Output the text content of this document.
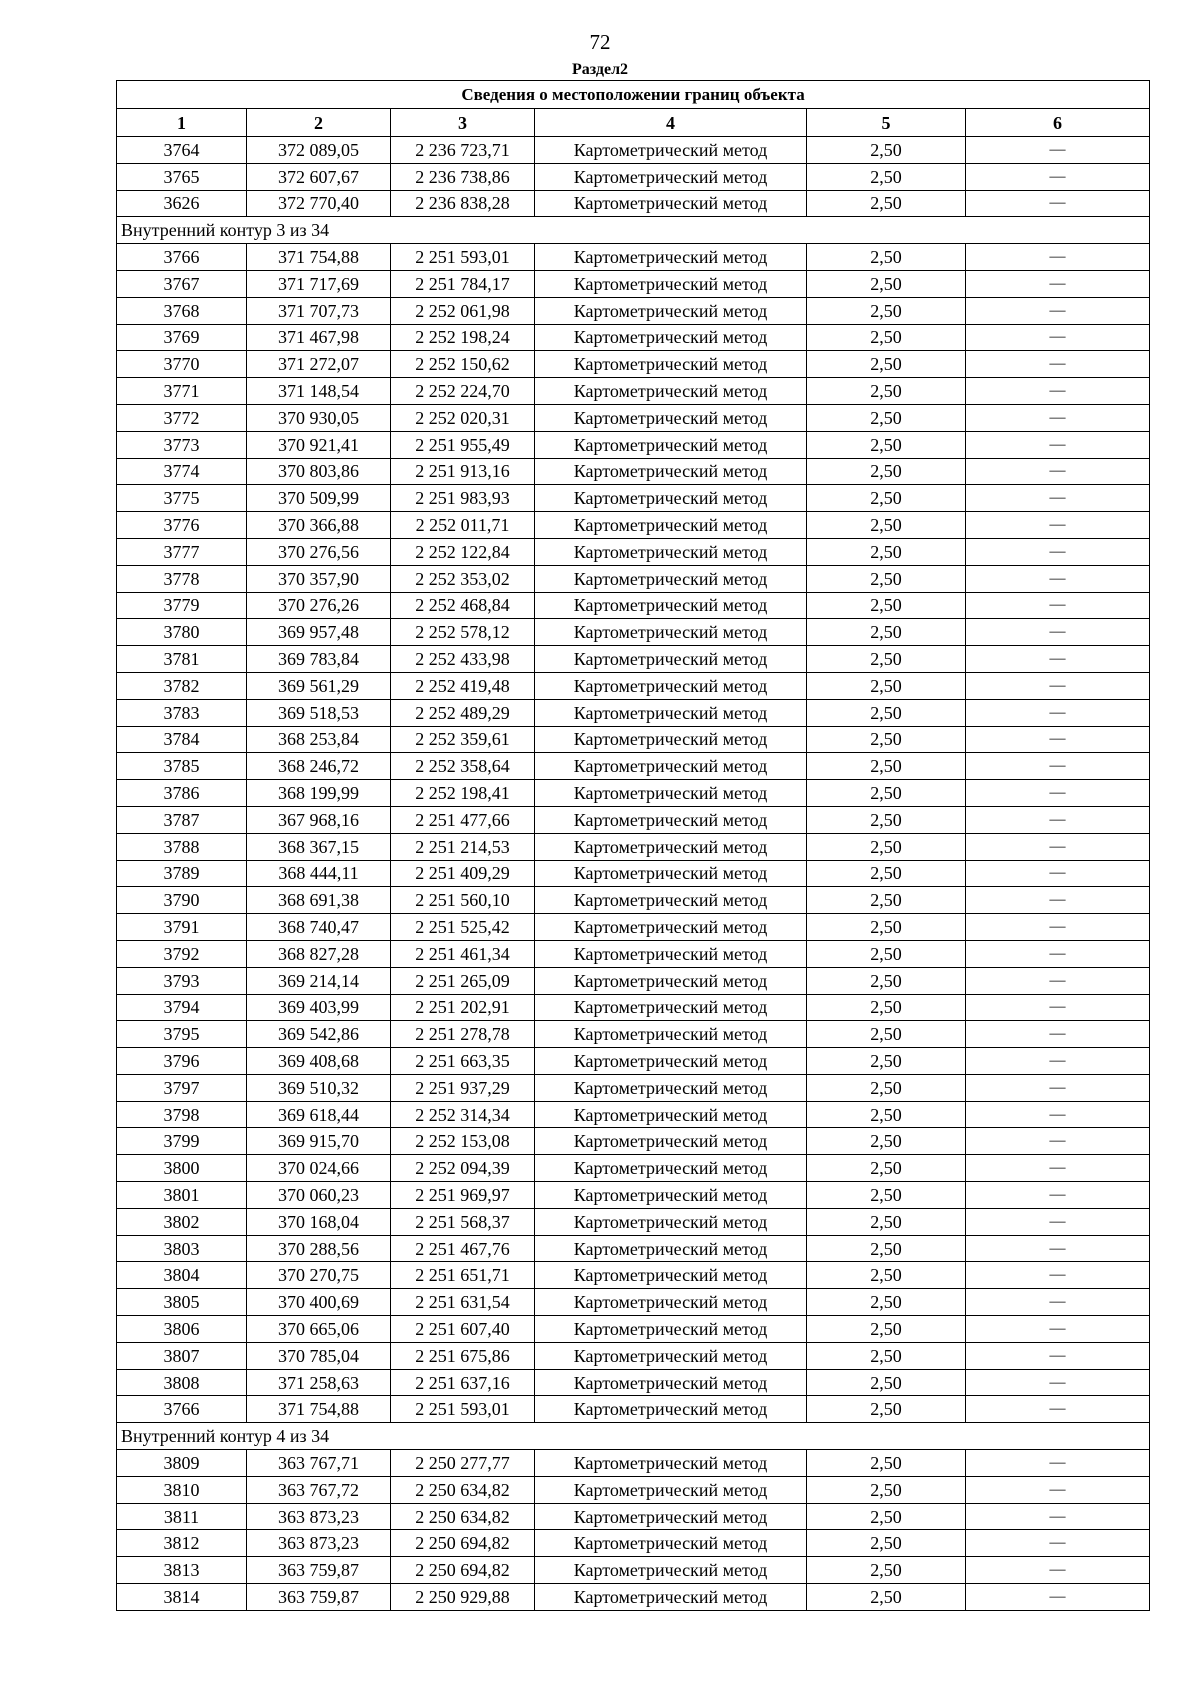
72
Раздел2
Сведения о местоположении границ объекта					
1	2	3	4	5	6
3764	372 089,05	2 236 723,71	Картометрический метод	2,50	—
3765	372 607,67	2 236 738,86	Картометрический метод	2,50	—
3626	372 770,40	2 236 838,28	Картометрический метод	2,50	—
Внутренний контур 3 из 34					
3766	371 754,88	2 251 593,01	Картометрический метод	2,50	—
3767	371 717,69	2 251 784,17	Картометрический метод	2,50	—
3768	371 707,73	2 252 061,98	Картометрический метод	2,50	—
3769	371 467,98	2 252 198,24	Картометрический метод	2,50	—
3770	371 272,07	2 252 150,62	Картометрический метод	2,50	—
3771	371 148,54	2 252 224,70	Картометрический метод	2,50	—
3772	370 930,05	2 252 020,31	Картометрический метод	2,50	—
3773	370 921,41	2 251 955,49	Картометрический метод	2,50	—
3774	370 803,86	2 251 913,16	Картометрический метод	2,50	—
3775	370 509,99	2 251 983,93	Картометрический метод	2,50	—
3776	370 366,88	2 252 011,71	Картометрический метод	2,50	—
3777	370 276,56	2 252 122,84	Картометрический метод	2,50	—
3778	370 357,90	2 252 353,02	Картометрический метод	2,50	—
3779	370 276,26	2 252 468,84	Картометрический метод	2,50	—
3780	369 957,48	2 252 578,12	Картометрический метод	2,50	—
3781	369 783,84	2 252 433,98	Картометрический метод	2,50	—
3782	369 561,29	2 252 419,48	Картометрический метод	2,50	—
3783	369 518,53	2 252 489,29	Картометрический метод	2,50	—
3784	368 253,84	2 252 359,61	Картометрический метод	2,50	—
3785	368 246,72	2 252 358,64	Картометрический метод	2,50	—
3786	368 199,99	2 252 198,41	Картометрический метод	2,50	—
3787	367 968,16	2 251 477,66	Картометрический метод	2,50	—
3788	368 367,15	2 251 214,53	Картометрический метод	2,50	—
3789	368 444,11	2 251 409,29	Картометрический метод	2,50	—
3790	368 691,38	2 251 560,10	Картометрический метод	2,50	—
3791	368 740,47	2 251 525,42	Картометрический метод	2,50	—
3792	368 827,28	2 251 461,34	Картометрический метод	2,50	—
3793	369 214,14	2 251 265,09	Картометрический метод	2,50	—
3794	369 403,99	2 251 202,91	Картометрический метод	2,50	—
3795	369 542,86	2 251 278,78	Картометрический метод	2,50	—
3796	369 408,68	2 251 663,35	Картометрический метод	2,50	—
3797	369 510,32	2 251 937,29	Картометрический метод	2,50	—
3798	369 618,44	2 252 314,34	Картометрический метод	2,50	—
3799	369 915,70	2 252 153,08	Картометрический метод	2,50	—
3800	370 024,66	2 252 094,39	Картометрический метод	2,50	—
3801	370 060,23	2 251 969,97	Картометрический метод	2,50	—
3802	370 168,04	2 251 568,37	Картометрический метод	2,50	—
3803	370 288,56	2 251 467,76	Картометрический метод	2,50	—
3804	370 270,75	2 251 651,71	Картометрический метод	2,50	—
3805	370 400,69	2 251 631,54	Картометрический метод	2,50	—
3806	370 665,06	2 251 607,40	Картометрический метод	2,50	—
3807	370 785,04	2 251 675,86	Картометрический метод	2,50	—
3808	371 258,63	2 251 637,16	Картометрический метод	2,50	—
3766	371 754,88	2 251 593,01	Картометрический метод	2,50	—
Внутренний контур 4 из 34					
3809	363 767,71	2 250 277,77	Картометрический метод	2,50	—
3810	363 767,72	2 250 634,82	Картометрический метод	2,50	—
3811	363 873,23	2 250 634,82	Картометрический метод	2,50	—
3812	363 873,23	2 250 694,82	Картометрический метод	2,50	—
3813	363 759,87	2 250 694,82	Картометрический метод	2,50	—
3814	363 759,87	2 250 929,88	Картометрический метод	2,50	—
